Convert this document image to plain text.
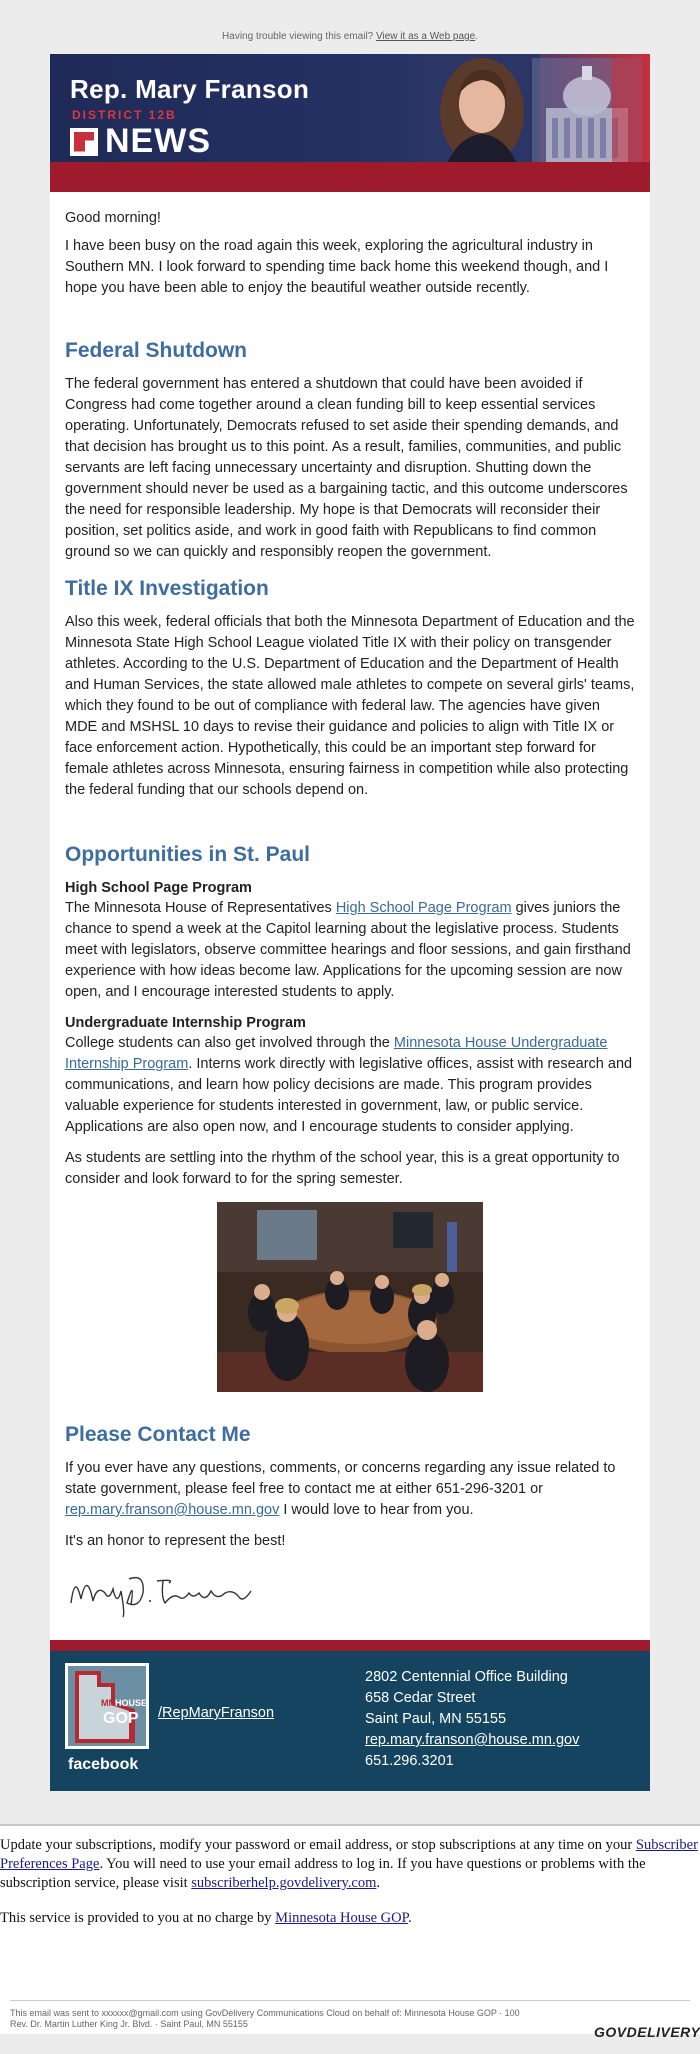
Having trouble viewing this email? View it as a Web page.
Rep. Mary Franson
DISTRICT 12B
NEWS

Good morning!

I have been busy on the road again this week, exploring the agricultural industry in Southern MN. I look forward to spending time back home this weekend though, and I hope you have been able to enjoy the beautiful weather outside recently.

Federal Shutdown

The federal government has entered a shutdown that could have been avoided if Congress had come together around a clean funding bill to keep essential services operating. Unfortunately, Democrats refused to set aside their spending demands, and that decision has brought us to this point. As a result, families, communities, and public servants are left facing unnecessary uncertainty and disruption. Shutting down the government should never be used as a bargaining tactic, and this outcome underscores the need for responsible leadership. My hope is that Democrats will reconsider their position, set politics aside, and work in good faith with Republicans to find common ground so we can quickly and responsibly reopen the government.

Title IX Investigation

Also this week, federal officials that both the Minnesota Department of Education and the Minnesota State High School League violated Title IX with their policy on transgender athletes. According to the U.S. Department of Education and the Department of Health and Human Services, the state allowed male athletes to compete on several girls' teams, which they found to be out of compliance with federal law. The agencies have given MDE and MSHSL 10 days to revise their guidance and policies to align with Title IX or face enforcement action. Hypothetically, this could be an important step forward for female athletes across Minnesota, ensuring fairness in competition while also protecting the federal funding that our schools depend on.

Opportunities in St. Paul
High School Page Program

The Minnesota House of Representatives High School Page Program gives juniors the chance to spend a week at the Capitol learning about the legislative process. Students meet with legislators, observe committee hearings and floor sessions, and gain firsthand experience with how ideas become law. Applications for the upcoming session are now open, and I encourage interested students to apply.

Undergraduate Internship Program

College students can also get involved through the Minnesota House Undergraduate Internship Program. Interns work directly with legislative offices, assist with research and communications, and learn how policy decisions are made. This program provides valuable experience for students interested in government, law, or public service. Applications are also open now, and I encourage students to consider applying.

As students are settling into the rhythm of the school year, this is a great opportunity to consider and look forward to for the spring semester.

Please Contact Me

If you ever have any questions, comments, or concerns regarding any issue related to state government, please feel free to contact me at either 651-296-3201 or rep.mary.franson@house.mn.gov I would love to hear from you.

It's an honor to represent the best!

MN HOUSE
GOP
facebook
/RepMaryFranson
2802 Centennial Office Building
658 Cedar Street
Saint Paul, MN 55155
rep.mary.franson@house.mn.gov
651.296.3201

Update your subscriptions, modify your password or email address, or stop subscriptions at any time on your Subscriber Preferences Page. You will need to use your email address to log in. If you have questions or problems with the subscription service, please visit subscriberhelp.govdelivery.com.

This service is provided to you at no charge by Minnesota House GOP.

This email was sent to xxxxxx@gmail.com using GovDelivery Communications Cloud on behalf of: Minnesota House GOP · 100
Rev. Dr. Martin Luther King Jr. Blvd. · Saint Paul, MN 55155	GOVDELIVERY
